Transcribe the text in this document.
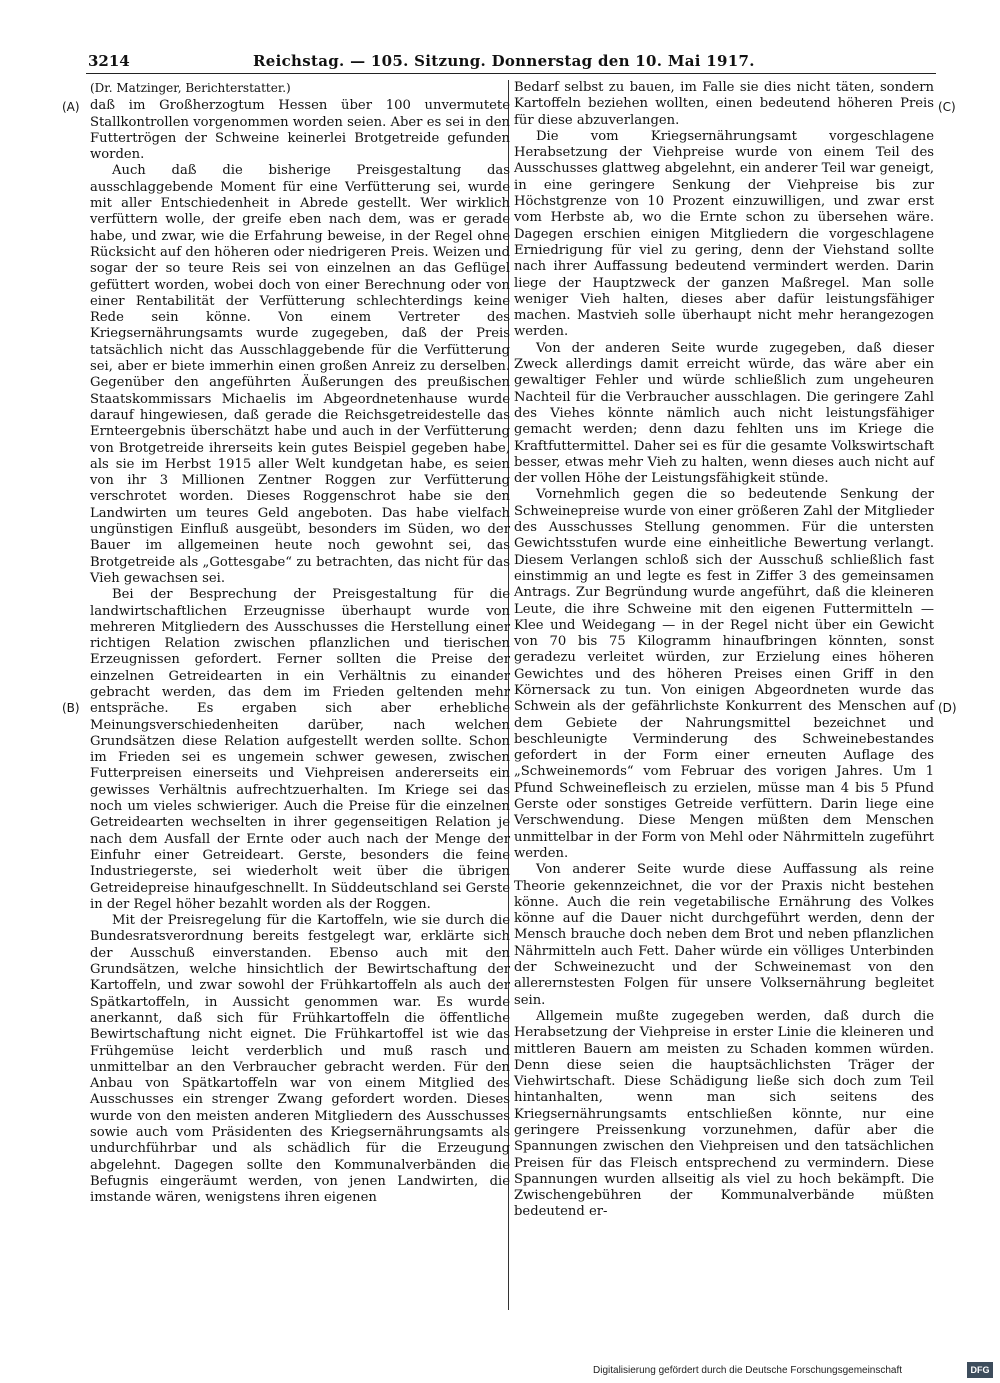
3214	Reichstag. — 105. Sitzung. Donnerstag den 10. Mai 1917.
(A)
(B)
(C)
(D)
(Dr. Matzinger, Berichterstatter.)

daß im Großherzogtum Hessen über 100 unvermutete Stallkontrollen vorgenommen worden seien. Aber es sei in den Futtertrögen der Schweine keinerlei Brotgetreide gefunden worden.

Auch daß die bisherige Preisgestaltung das ausschlaggebende Moment für eine Verfütterung sei, wurde mit aller Entschiedenheit in Abrede gestellt. Wer wirklich verfüttern wolle, der greife eben nach dem, was er gerade habe, und zwar, wie die Erfahrung beweise, in der Regel ohne Rücksicht auf den höheren oder niedrigeren Preis. Weizen und sogar der so teure Reis sei von einzelnen an das Geflügel gefüttert worden, wobei doch von einer Berechnung oder von einer Rentabilität der Verfütterung schlechterdings keine Rede sein könne. Von einem Vertreter des Kriegsernährungsamts wurde zugegeben, daß der Preis tatsächlich nicht das Ausschlaggebende für die Verfütterung sei, aber er biete immerhin einen großen Anreiz zu derselben. Gegenüber den angeführten Äußerungen des preußischen Staatskommissars Michaelis im Abgeordnetenhause wurde darauf hingewiesen, daß gerade die Reichsgetreidestelle das Ernteergebnis überschätzt habe und auch in der Verfütterung von Brotgetreide ihrerseits kein gutes Beispiel gegeben habe, als sie im Herbst 1915 aller Welt kundgetan habe, es seien von ihr 3 Millionen Zentner Roggen zur Verfütterung verschrotet worden. Dieses Roggenschrot habe sie den Landwirten um teures Geld angeboten. Das habe vielfach ungünstigen Einfluß ausgeübt, besonders im Süden, wo der Bauer im allgemeinen heute noch gewohnt sei, das Brotgetreide als „Gottesgabe“ zu betrachten, das nicht für das Vieh gewachsen sei.

Bei der Besprechung der Preisgestaltung für die landwirtschaftlichen Erzeugnisse überhaupt wurde von mehreren Mitgliedern des Ausschusses die Herstellung einer richtigen Relation zwischen pflanzlichen und tierischen Erzeugnissen gefordert. Ferner sollten die Preise der einzelnen Getreidearten in ein Verhältnis zu einander gebracht werden, das dem im Frieden geltenden mehr entspräche. Es ergaben sich aber erhebliche Meinungsverschiedenheiten darüber, nach welchen Grundsätzen diese Relation aufgestellt werden sollte. Schon im Frieden sei es ungemein schwer gewesen, zwischen Futterpreisen einerseits und Viehpreisen andererseits ein gewisses Verhältnis aufrechtzuerhalten. Im Kriege sei das noch um vieles schwieriger. Auch die Preise für die einzelnen Getreidearten wechselten in ihrer gegenseitigen Relation je nach dem Ausfall der Ernte oder auch nach der Menge der Einfuhr einer Getreideart. Gerste, besonders die feine Industriegerste, sei wiederholt weit über die übrigen Getreidepreise hinaufgeschnellt. In Süddeutschland sei Gerste in der Regel höher bezahlt worden als der Roggen.

Mit der Preisregelung für die Kartoffeln, wie sie durch die Bundesratsverordnung bereits festgelegt war, erklärte sich der Ausschuß einverstanden. Ebenso auch mit den Grundsätzen, welche hinsichtlich der Bewirtschaftung der Kartoffeln, und zwar sowohl der Frühkartoffeln als auch der Spätkartoffeln, in Aussicht genommen war. Es wurde anerkannt, daß sich für Frühkartoffeln die öffentliche Bewirtschaftung nicht eignet. Die Frühkartoffel ist wie das Frühgemüse leicht verderblich und muß rasch und unmittelbar an den Verbraucher gebracht werden. Für den Anbau von Spätkartoffeln war von einem Mitglied des Ausschusses ein strenger Zwang gefordert worden. Dieses wurde von den meisten anderen Mitgliedern des Ausschusses sowie auch vom Präsidenten des Kriegsernährungsamts als undurchführbar und als schädlich für die Erzeugung abgelehnt. Dagegen sollte den Kommunalverbänden die Befugnis eingeräumt werden, von jenen Landwirten, die imstande wären, wenigstens ihren eigenen

Bedarf selbst zu bauen, im Falle sie dies nicht täten, sondern Kartoffeln beziehen wollten, einen bedeutend höheren Preis für diese abzuverlangen.

Die vom Kriegsernährungsamt vorgeschlagene Herabsetzung der Viehpreise wurde von einem Teil des Ausschusses glattweg abgelehnt, ein anderer Teil war geneigt, in eine geringere Senkung der Viehpreise bis zur Höchstgrenze von 10 Prozent einzuwilligen, und zwar erst vom Herbste ab, wo die Ernte schon zu übersehen wäre. Dagegen erschien einigen Mitgliedern die vorgeschlagene Erniedrigung für viel zu gering, denn der Viehstand sollte nach ihrer Auffassung bedeutend vermindert werden. Darin liege der Hauptzweck der ganzen Maßregel. Man solle weniger Vieh halten, dieses aber dafür leistungsfähiger machen. Mastvieh solle überhaupt nicht mehr herangezogen werden.

Von der anderen Seite wurde zugegeben, daß dieser Zweck allerdings damit erreicht würde, das wäre aber ein gewaltiger Fehler und würde schließlich zum ungeheuren Nachteil für die Verbraucher ausschlagen. Die geringere Zahl des Viehes könnte nämlich auch nicht leistungsfähiger gemacht werden; denn dazu fehlten uns im Kriege die Kraftfuttermittel. Daher sei es für die gesamte Volkswirtschaft besser, etwas mehr Vieh zu halten, wenn dieses auch nicht auf der vollen Höhe der Leistungsfähigkeit stünde.

Vornehmlich gegen die so bedeutende Senkung der Schweinepreise wurde von einer größeren Zahl der Mitglieder des Ausschusses Stellung genommen. Für die untersten Gewichtsstufen wurde eine einheitliche Bewertung verlangt. Diesem Verlangen schloß sich der Ausschuß schließlich fast einstimmig an und legte es fest in Ziffer 3 des gemeinsamen Antrags. Zur Begründung wurde angeführt, daß die kleineren Leute, die ihre Schweine mit den eigenen Futtermitteln — Klee und Weidegang — in der Regel nicht über ein Gewicht von 70 bis 75 Kilogramm hinaufbringen könnten, sonst geradezu verleitet würden, zur Erzielung eines höheren Gewichtes und des höheren Preises einen Griff in den Körnersack zu tun. Von einigen Abgeordneten wurde das Schwein als der gefährlichste Konkurrent des Menschen auf dem Gebiete der Nahrungsmittel bezeichnet und beschleunigte Verminderung des Schweinebestandes gefordert in der Form einer erneuten Auflage des „Schweinemords“ vom Februar des vorigen Jahres. Um 1 Pfund Schweinefleisch zu erzielen, müsse man 4 bis 5 Pfund Gerste oder sonstiges Getreide verfüttern. Darin liege eine Verschwendung. Diese Mengen müßten dem Menschen unmittelbar in der Form von Mehl oder Nährmitteln zugeführt werden.

Von anderer Seite wurde diese Auffassung als reine Theorie gekennzeichnet, die vor der Praxis nicht bestehen könne. Auch die rein vegetabilische Ernährung des Volkes könne auf die Dauer nicht durchgeführt werden, denn der Mensch brauche doch neben dem Brot und neben pflanzlichen Nährmitteln auch Fett. Daher würde ein völliges Unterbinden der Schweinezucht und der Schweinemast von den allerernstesten Folgen für unsere Volksernährung begleitet sein.

Allgemein mußte zugegeben werden, daß durch die Herabsetzung der Viehpreise in erster Linie die kleineren und mittleren Bauern am meisten zu Schaden kommen würden. Denn diese seien die hauptsächlichsten Träger der Viehwirtschaft. Diese Schädigung ließe sich doch zum Teil hintanhalten, wenn man sich seitens des Kriegsernährungsamts entschließen könnte, nur eine geringere Preissenkung vorzunehmen, dafür aber die Spannungen zwischen den Viehpreisen und den tatsächlichen Preisen für das Fleisch entsprechend zu vermindern. Diese Spannungen wurden allseitig als viel zu hoch bekämpft. Die Zwischengebühren der Kommunalverbände müßten bedeutend er-

Digitalisierung gefördert durch die Deutsche Forschungsgemeinschaft	DFG
